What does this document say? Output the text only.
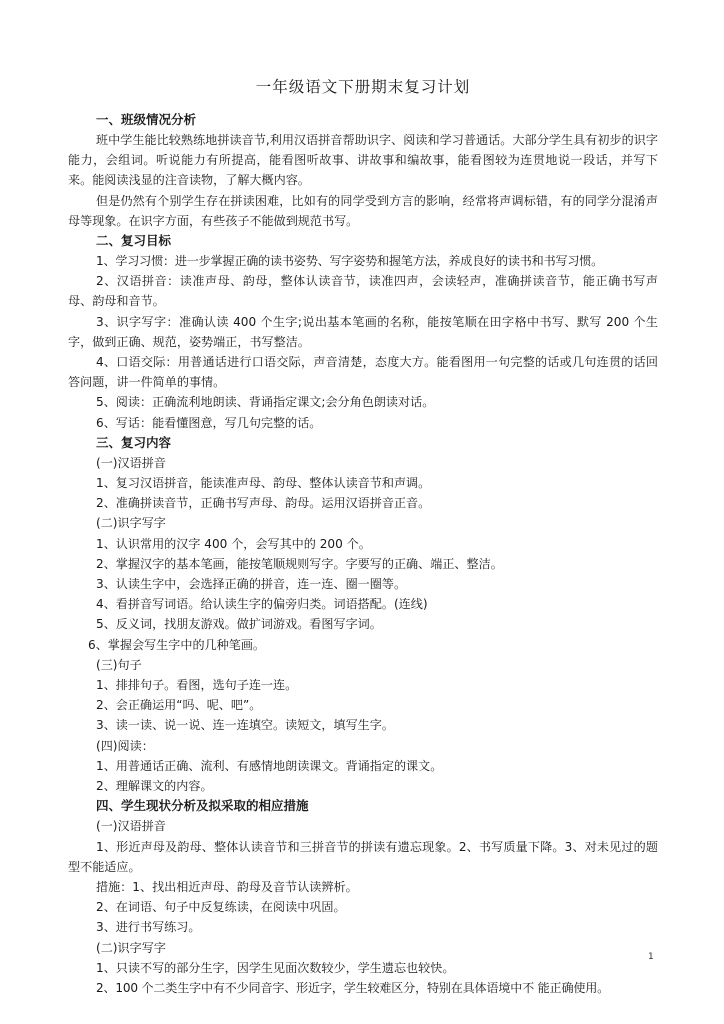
一年级语文下册期末复习计划
一、班级情况分析
班中学生能比较熟练地拼读音节,利用汉语拼音帮助识字、阅读和学习普通话。大部分学生具有初步的识字能力，会组词。听说能力有所提高，能看图听故事、讲故事和编故事，能看图较为连贯地说一段话，并写下来。能阅读浅显的注音读物，了解大概内容。
但是仍然有个别学生存在拼读困难，比如有的同学受到方言的影响，经常将声调标错，有的同学分混淆声母等现象。在识字方面，有些孩子不能做到规范书写。
二、复习目标
1、学习习惯：进一步掌握正确的读书姿势、写字姿势和握笔方法，养成良好的读书和书写习惯。
2、汉语拼音：读准声母、韵母，整体认读音节，读准四声，会读轻声，准确拼读音节，能正确书写声母、韵母和音节。
3、识字写字：准确认读 400 个生字;说出基本笔画的名称，能按笔顺在田字格中书写、默写 200 个生字，做到正确、规范，姿势端正，书写整洁。
4、口语交际：用普通话进行口语交际，声音清楚，态度大方。能看图用一句完整的话或几句连贯的话回答问题，讲一件简单的事情。
5、阅读：正确流利地朗读、背诵指定课文;会分角色朗读对话。
6、写话：能看懂图意，写几句完整的话。
三、复习内容
(一)汉语拼音
1、复习汉语拼音，能读准声母、韵母、整体认读音节和声调。
2、准确拼读音节，正确书写声母、韵母。运用汉语拼音正音。
(二)识字写字
1、认识常用的汉字 400 个，会写其中的 200 个。
2、掌握汉字的基本笔画，能按笔顺规则写字。字要写的正确、端正、整洁。
3、认读生字中，会选择正确的拼音，连一连、圈一圈等。
4、看拼音写词语。给认读生字的偏旁归类。词语搭配。(连线)
5、反义词，找朋友游戏。做扩词游戏。看图写字词。
6、掌握会写生字中的几种笔画。
(三)句子
1、排排句子。看图，选句子连一连。
2、会正确运用“吗、呢、吧”。
3、读一读、说一说、连一连填空。读短文，填写生字。
(四)阅读：
1、用普通话正确、流利、有感情地朗读课文。背诵指定的课文。
2、理解课文的内容。
四、学生现状分析及拟采取的相应措施
(一)汉语拼音
1、形近声母及韵母、整体认读音节和三拼音节的拼读有遗忘现象。2、书写质量下降。3、对未见过的题型不能适应。
措施：1、找出相近声母、韵母及音节认读辨析。
2、在词语、句子中反复练读，在阅读中巩固。
3、进行书写练习。
(二)识字写字
1、只读不写的部分生字，因学生见面次数较少，学生遗忘也较快。
2、100 个二类生字中有不少同音字、形近字，学生较难区分，特别在具体语境中不 能正确使用。
1
